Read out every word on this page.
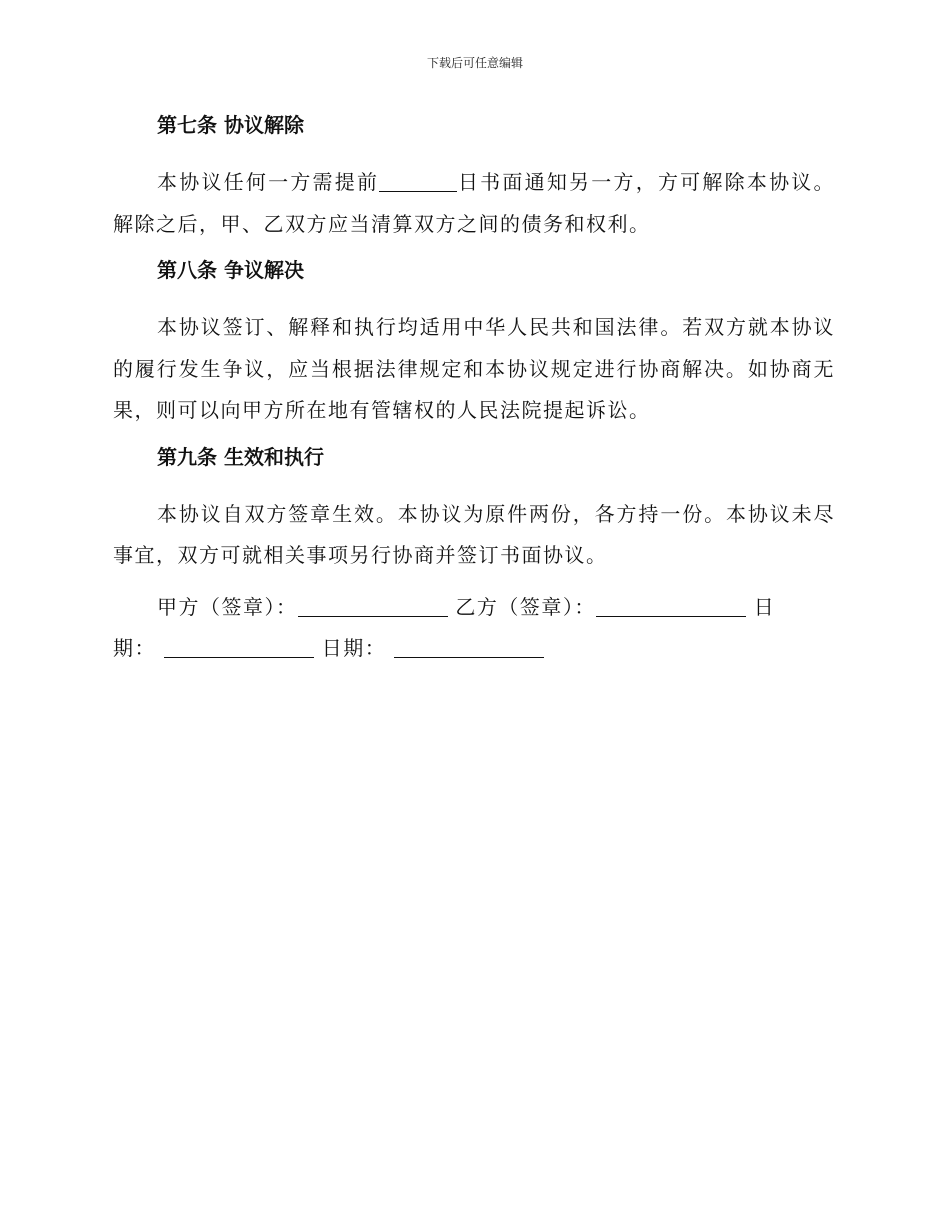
下载后可任意编辑
第七条 协议解除

本协议任何一方需提前	日书面通知另一方，方可解除本协议。解除之后，甲、乙双方应当清算双方之间的债务和权利。

第八条 争议解决

本协议签订、解释和执行均适用中华人民共和国法律。若双方就本协议的履行发生争议，应当根据法律规定和本协议规定进行协商解决。如协商无果，则可以向甲方所在地有管辖权的人民法院提起诉讼。

第九条 生效和执行

本协议自双方签章生效。本协议为原件两份，各方持一份。本协议未尽事宜，双方可就相关事项另行协商并签订书面协议。

甲方（签章）：	乙方（签章）：	日

期：	日期：
